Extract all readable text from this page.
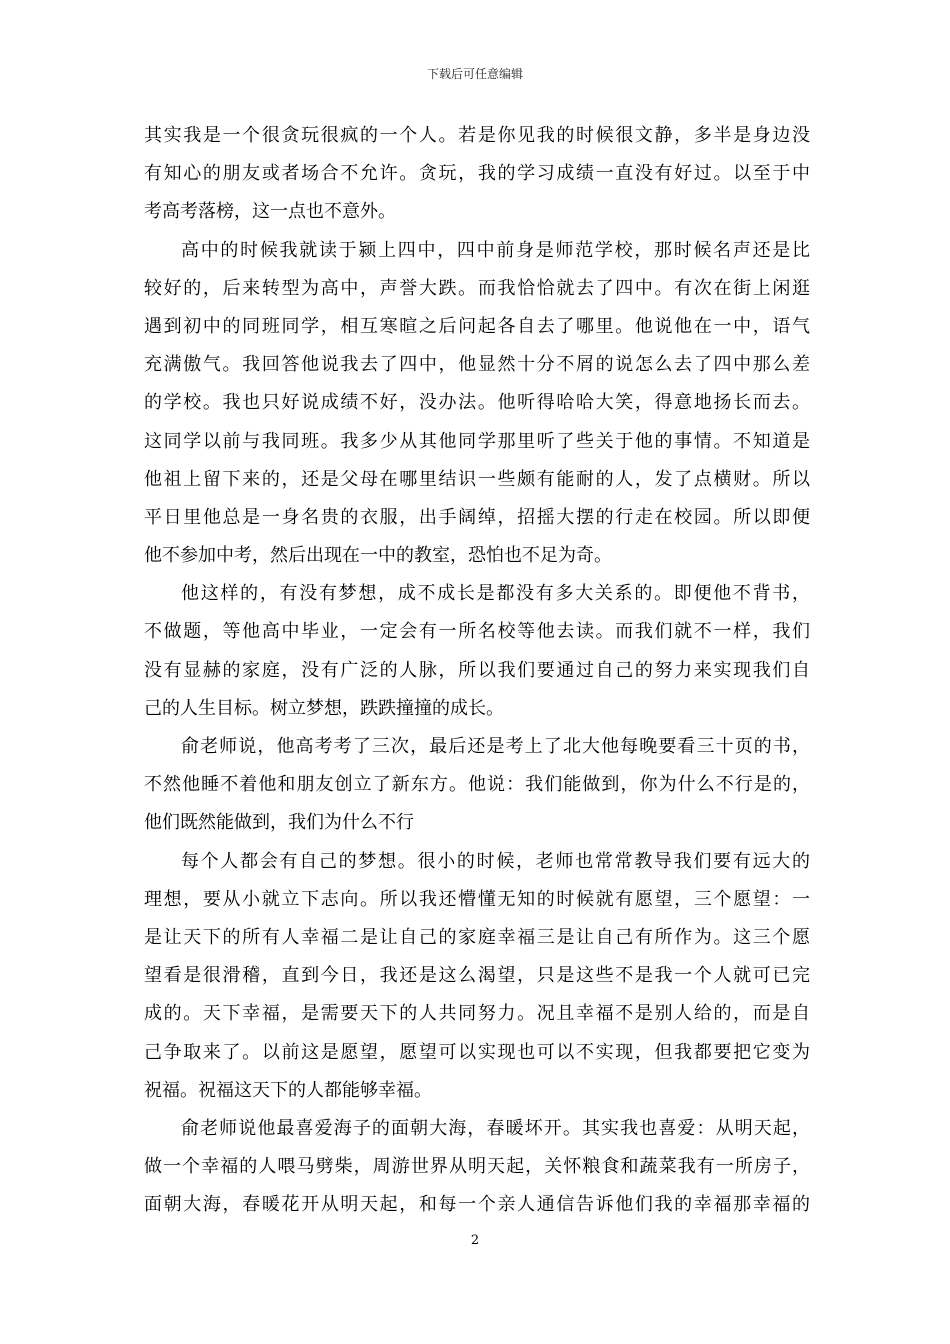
下载后可任意编辑
其实我是一个很贪玩很疯的一个人。若是你见我的时候很文静，多半是身边没
有知心的朋友或者场合不允许。贪玩，我的学习成绩一直没有好过。以至于中
考高考落榜，这一点也不意外。
高中的时候我就读于颍上四中，四中前身是师范学校，那时候名声还是比
较好的，后来转型为高中，声誉大跌。而我恰恰就去了四中。有次在街上闲逛
遇到初中的同班同学，相互寒暄之后问起各自去了哪里。他说他在一中，语气
充满傲气。我回答他说我去了四中，他显然十分不屑的说怎么去了四中那么差
的学校。我也只好说成绩不好，没办法。他听得哈哈大笑，得意地扬长而去。
这同学以前与我同班。我多少从其他同学那里听了些关于他的事情。不知道是
他祖上留下来的，还是父母在哪里结识一些颇有能耐的人，发了点横财。所以
平日里他总是一身名贵的衣服，出手阔绰，招摇大摆的行走在校园。所以即便
他不参加中考，然后出现在一中的教室，恐怕也不足为奇。
他这样的，有没有梦想，成不成长是都没有多大关系的。即便他不背书，
不做题，等他高中毕业，一定会有一所名校等他去读。而我们就不一样，我们
没有显赫的家庭，没有广泛的人脉，所以我们要通过自己的努力来实现我们自
己的人生目标。树立梦想，跌跌撞撞的成长。
俞老师说，他高考考了三次，最后还是考上了北大他每晚要看三十页的书，
不然他睡不着他和朋友创立了新东方。他说：我们能做到，你为什么不行是的，
他们既然能做到，我们为什么不行
每个人都会有自己的梦想。很小的时候，老师也常常教导我们要有远大的
理想，要从小就立下志向。所以我还懵懂无知的时候就有愿望，三个愿望：一
是让天下的所有人幸福二是让自己的家庭幸福三是让自己有所作为。这三个愿
望看是很滑稽，直到今日，我还是这么渴望，只是这些不是我一个人就可已完
成的。天下幸福，是需要天下的人共同努力。况且幸福不是别人给的，而是自
己争取来了。以前这是愿望，愿望可以实现也可以不实现，但我都要把它变为
祝福。祝福这天下的人都能够幸福。
俞老师说他最喜爱海子的面朝大海，春暖坏开。其实我也喜爱：从明天起，
做一个幸福的人喂马劈柴，周游世界从明天起，关怀粮食和蔬菜我有一所房子，
面朝大海，春暖花开从明天起，和每一个亲人通信告诉他们我的幸福那幸福的
2
